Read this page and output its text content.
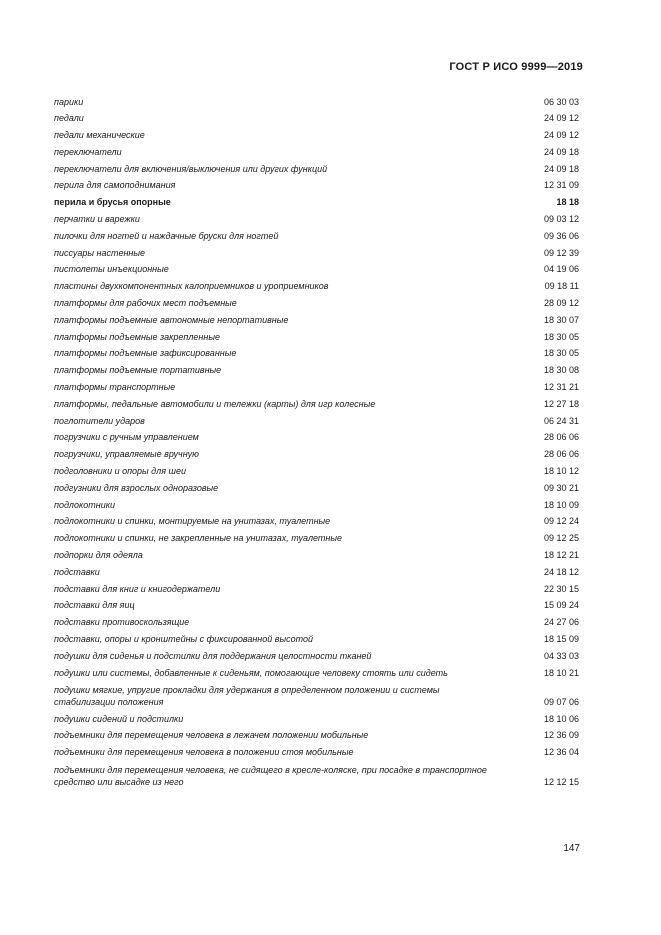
ГОСТ Р ИСО 9999—2019
парики	06 30 03
педали	24 09 12
педали механические	24 09 12
переключатели	24 09 18
переключатели для включения/выключения или других функций	24 09 18
перила для самоподнимания	12 31 09
перила и брусья опорные	18 18
перчатки и варежки	09 03 12
пилочки для ногтей и наждачные бруски для ногтей	09 36 06
писсуары настенные	09 12 39
пистолеты инъекционные	04 19 06
пластины двухкомпонентных калоприемников и уроприемников	09 18 11
платформы для рабочих мест подъемные	28 09 12
платформы подъемные автономные непортативные	18 30 07
платформы подъемные закрепленные	18 30 05
платформы подъемные зафиксированные	18 30 05
платформы подъемные портативные	18 30 08
платформы транспортные	12 31 21
платформы, педальные автомобили и тележки (карты) для игр колесные	12 27 18
поглотители ударов	06 24 31
погрузчики с ручным управлением	28 06 06
погрузчики, управляемые вручную	28 06 06
подголовники и опоры для шеи	18 10 12
подгузники для взрослых одноразовые	09 30 21
подлокотники	18 10 09
подлокотники и спинки, монтируемые на унитазах, туалетные	09 12 24
подлокотники и спинки, не закрепленные на унитазах, туалетные	09 12 25
подпорки для одеяла	18 12 21
подставки	24 18 12
подставки для книг и книгодержатели	22 30 15
подставки для яиц	15 09 24
подставки противоскользящие	24 27 06
подставки, опоры и кронштейны с фиксированной высотой	18 15 09
подушки для сиденья и подстилки для поддержания целостности тканей	04 33 03
подушки или системы, добавленные к сиденьям, помогающие человеку стоять или сидеть	18 10 21
подушки мягкие, упругие прокладки для удержания в определенном положении и системы стабилизации положения	09 07 06
подушки сидений и подстилки	18 10 06
подъемники для перемещения человека в лежачем положении мобильные	12 36 09
подъемники для перемещения человека в положении стоя мобильные	12 36 04
подъемники для перемещения человека, не сидящего в кресле-коляске, при посадке в транспортное средство или высадке из него	12 12 15
147
